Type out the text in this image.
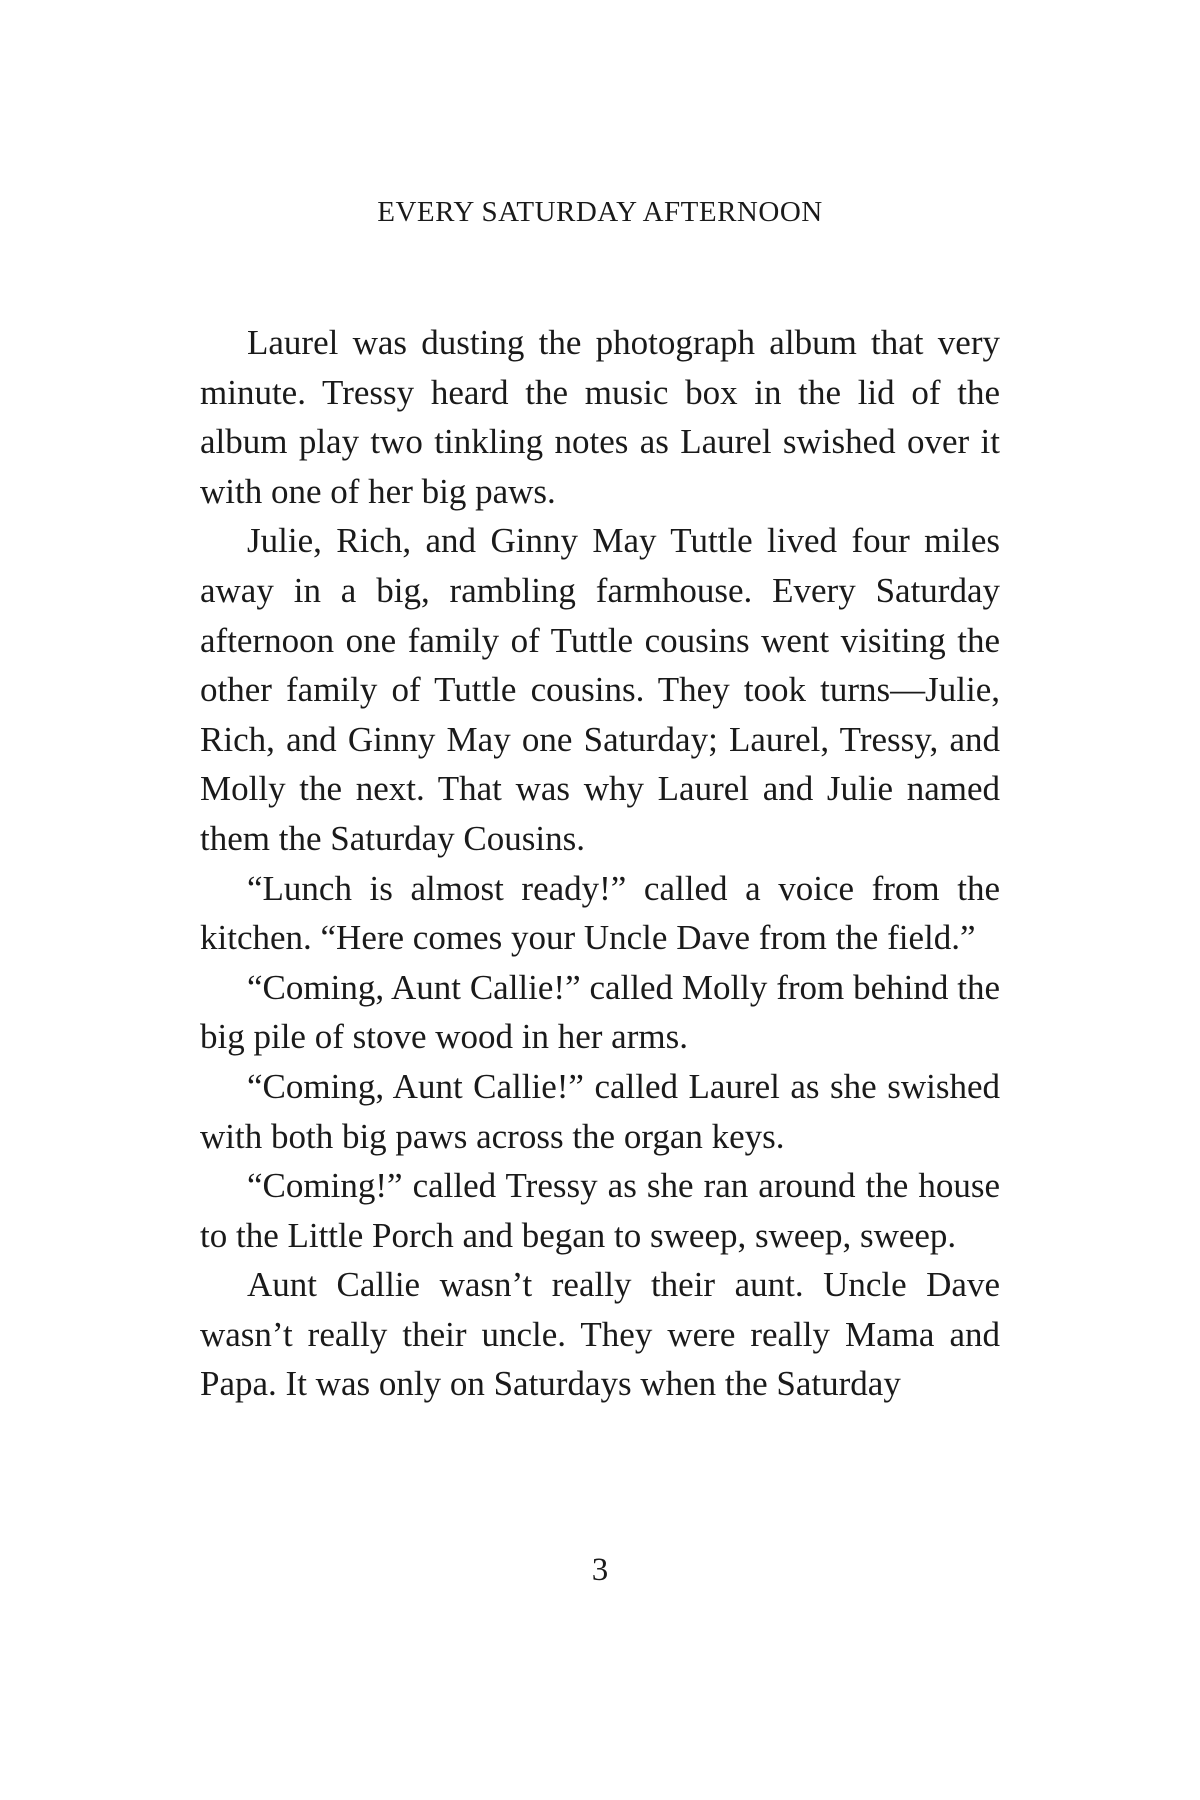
EVERY SATURDAY AFTERNOON

Laurel was dusting the photograph album that very minute. Tressy heard the music box in the lid of the album play two tinkling notes as Laurel swished over it with one of her big paws.

Julie, Rich, and Ginny May Tuttle lived four miles away in a big, rambling farmhouse. Every Saturday afternoon one family of Tuttle cousins went visiting the other family of Tuttle cousins. They took turns—Julie, Rich, and Ginny May one Saturday; Laurel, Tressy, and Molly the next. That was why Laurel and Julie named them the Saturday Cousins.

“Lunch is almost ready!” called a voice from the kitchen. “Here comes your Uncle Dave from the field.”

“Coming, Aunt Callie!” called Molly from behind the big pile of stove wood in her arms.

“Coming, Aunt Callie!” called Laurel as she swished with both big paws across the organ keys.

“Coming!” called Tressy as she ran around the house to the Little Porch and began to sweep, sweep, sweep.

Aunt Callie wasn’t really their aunt. Uncle Dave wasn’t really their uncle. They were really Mama and Papa. It was only on Saturdays when the Saturday

3
